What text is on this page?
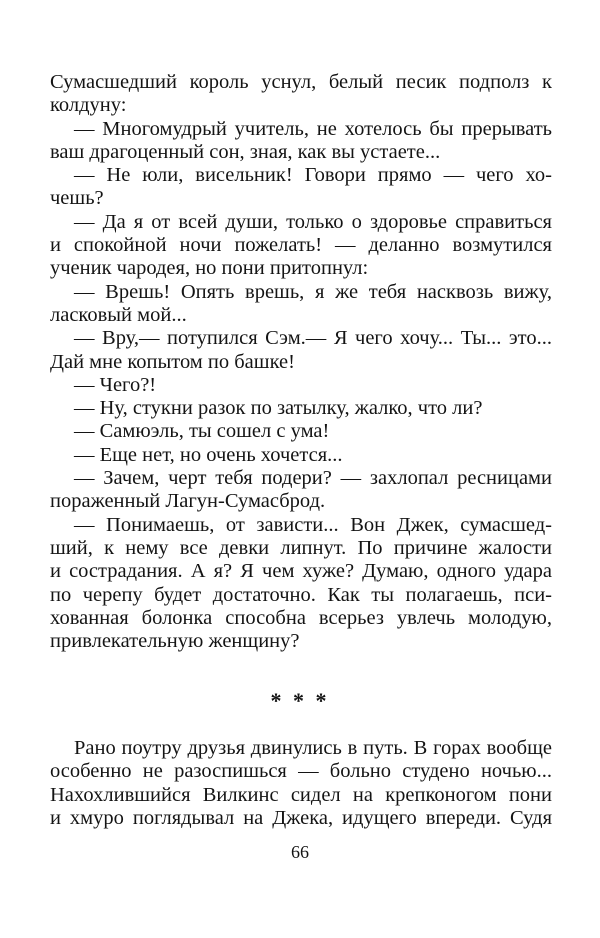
Сумасшедший король уснул, белый песик подполз к
колдуну:
— Многомудрый учитель, не хотелось бы прерывать
ваш драгоценный сон, зная, как вы устаете...
— Не юли, висельник! Говори прямо — чего хо-
чешь?
— Да я от всей души, только о здоровье справиться
и спокойной ночи пожелать! — деланно возмутился
ученик чародея, но пони притопнул:
— Врешь! Опять врешь, я же тебя насквозь вижу,
ласковый мой...
— Вру,— потупился Сэм.— Я чего хочу... Ты... это...
Дай мне копытом по башке!
— Чего?!
— Ну, стукни разок по затылку, жалко, что ли?
— Самюэль, ты сошел с ума!
— Еще нет, но очень хочется...
— Зачем, черт тебя подери? — захлопал ресницами
пораженный Лагун-Сумасброд.
— Понимаешь, от зависти... Вон Джек, сумасшед-
ший, к нему все девки липнут. По причине жалости
и сострадания. А я? Я чем хуже? Думаю, одного удара
по черепу будет достаточно. Как ты полагаешь, пси-
хованная болонка способна всерьез увлечь молодую,
привлекательную женщину?
* * *
Рано поутру друзья двинулись в путь. В горах вообще
особенно не разоспишься — больно студено ночью...
Нахохлившийся Вилкинс сидел на крепконогом пони
и хмуро поглядывал на Джека, идущего впереди. Судя
66
